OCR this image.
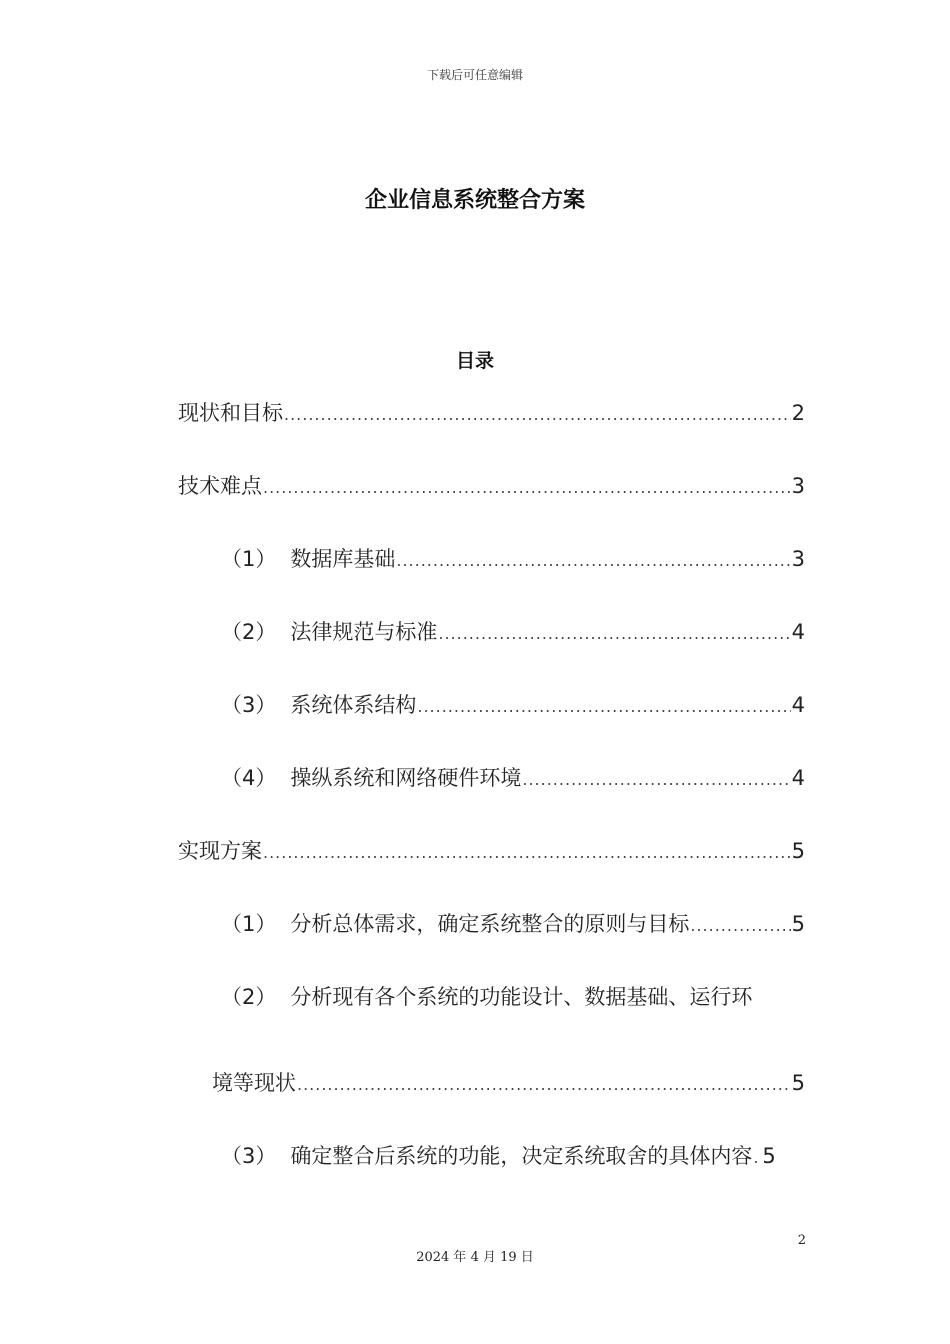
下载后可任意编辑
企业信息系统整合方案
目录
现状和目标 .....	2
技术难点 .....	3
（1） 数据库基础 .....	3
（2） 法律规范与标准 .....	4
（3） 系统体系结构 .....	4
（4） 操纵系统和网络硬件环境 .....	4
实现方案 .....	5
（1） 分析总体需求，确定系统整合的原则与目标 .....	5
（2） 分析现有各个系统的功能设计、数据基础、运行环
境等现状 .....	5
（3） 确定整合后系统的功能，决定系统取舍的具体内容 ..... 5
2
2024 年 4 月 19 日
